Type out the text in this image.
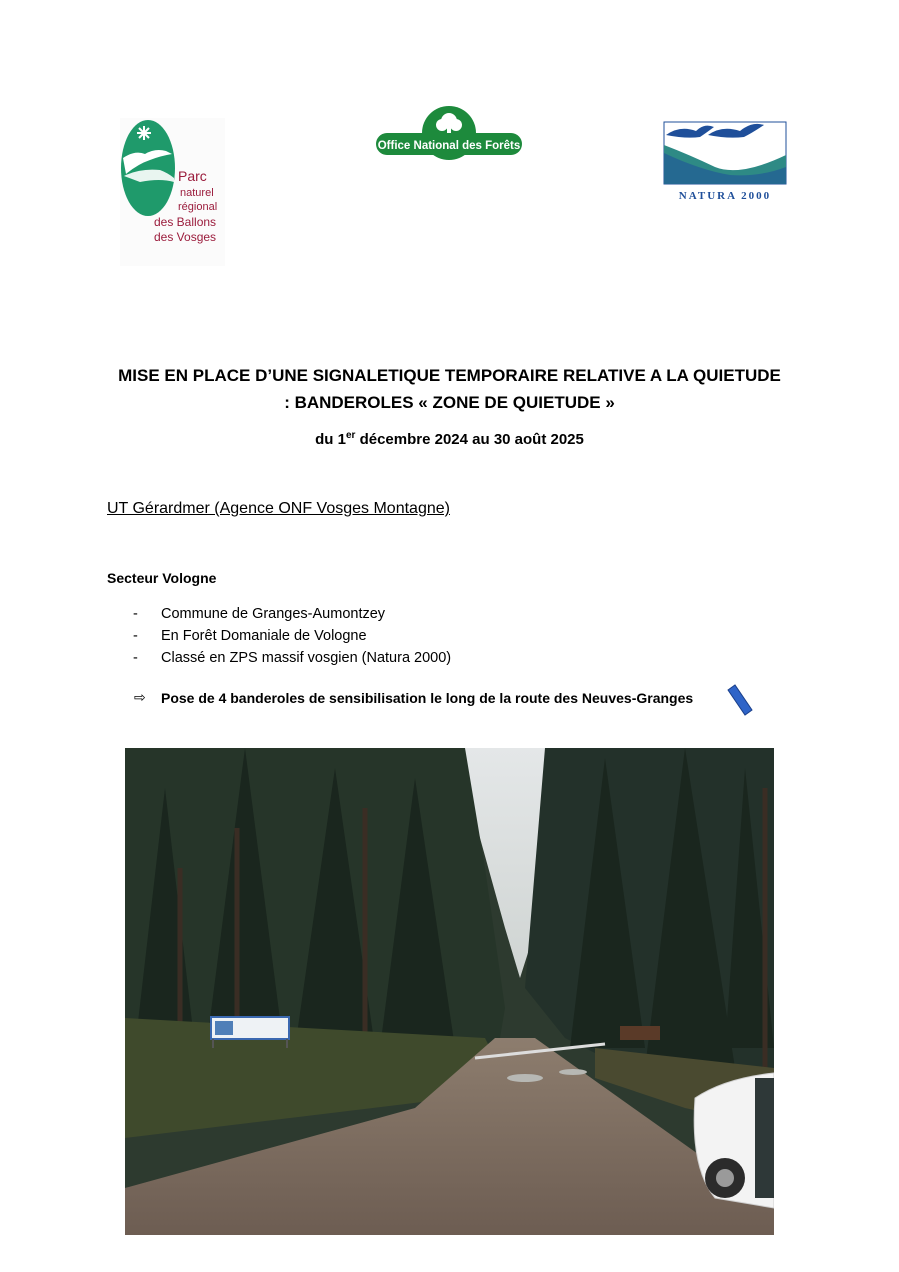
Parc
naturel
régional
des Ballons
des Vosges
Office National des Forêts
★ ★ ★ ★ ★
★
NATURA 2000
MISE EN PLACE D’UNE SIGNALETIQUE TEMPORAIRE RELATIVE A LA QUIETUDE
: BANDEROLES « ZONE DE QUIETUDE »
du 1er décembre 2024 au 30 août 2025
UT Gérardmer (Agence ONF Vosges Montagne)
Secteur Vologne
-	Commune de Granges-Aumontzey
-	En Forêt Domaniale de Vologne
-	Classé en ZPS massif vosgien (Natura 2000)
⇨	Pose de 4 banderoles de sensibilisation le long de la route des Neuves-Granges
